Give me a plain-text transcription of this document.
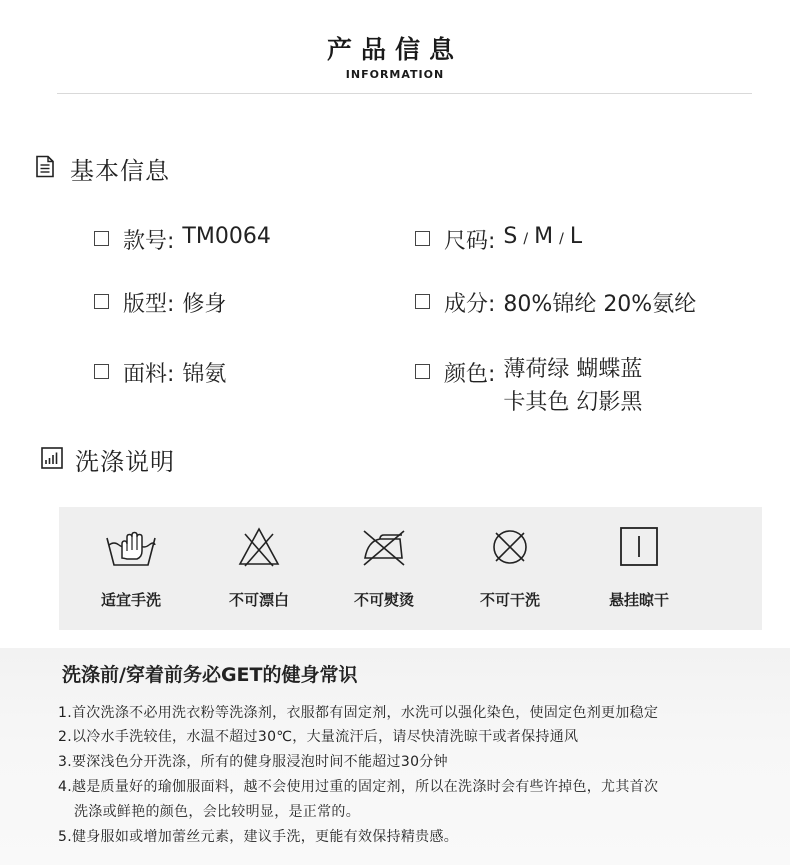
产品信息
INFORMATION
基本信息
款号: TM0064	尺码: S / M / L
版型: 修身	成分: 80%锦纶 20%氨纶
面料: 锦氨	颜色: 薄荷绿 蝴蝶蓝
卡其色 幻影黑
洗涤说明
适宜手洗	不可漂白	不可熨烫	不可干洗	悬挂晾干
洗涤前/穿着前务必GET的健身常识
1.首次洗涤不必用洗衣粉等洗涤剂，衣服都有固定剂，水洗可以强化染色，使固定色剂更加稳定
2.以冷水手洗较佳，水温不超过30℃，大量流汗后，请尽快清洗晾干或者保持通风
3.要深浅色分开洗涤，所有的健身服浸泡时间不能超过30分钟
4.越是质量好的瑜伽服面料，越不会使用过重的固定剂，所以在洗涤时会有些许掉色，尤其首次
洗涤或鲜艳的颜色，会比较明显，是正常的。
5.健身服如或增加蕾丝元素，建议手洗，更能有效保持精贵感。
